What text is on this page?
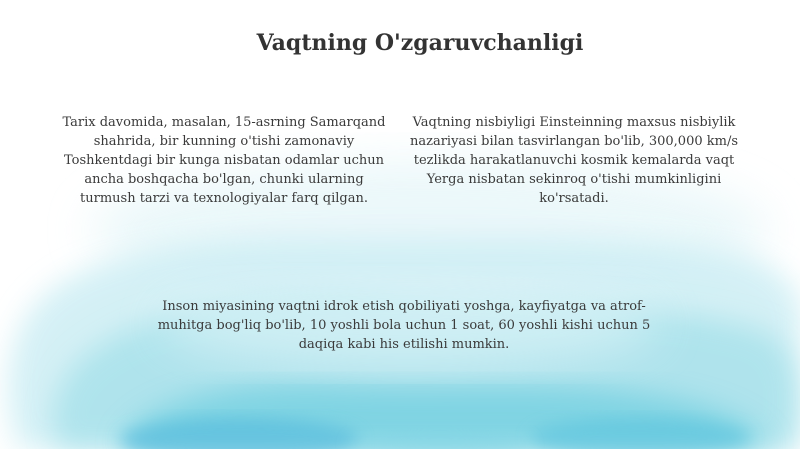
Vaqtning O'zgaruvchanligi

Tarix davomida, masalan, 15-asrning Samarqand shahrida, bir kunning o'tishi zamonaviy Toshkentdagi bir kunga nisbatan odamlar uchun ancha boshqacha bo'lgan, chunki ularning turmush tarzi va texnologiyalar farq qilgan.

Vaqtning nisbiyligi Einsteinning maxsus nisbiylik nazariyasi bilan tasvirlangan bo'lib, 300,000 km/s tezlikda harakatlanuvchi kosmik kemalarda vaqt Yerga nisbatan sekinroq o'tishi mumkinligini ko'rsatadi.

Inson miyasining vaqtni idrok etish qobiliyati yoshga, kayfiyatga va atrof-muhitga bog'liq bo'lib, 10 yoshli bola uchun 1 soat, 60 yoshli kishi uchun 5 daqiqa kabi his etilishi mumkin.
